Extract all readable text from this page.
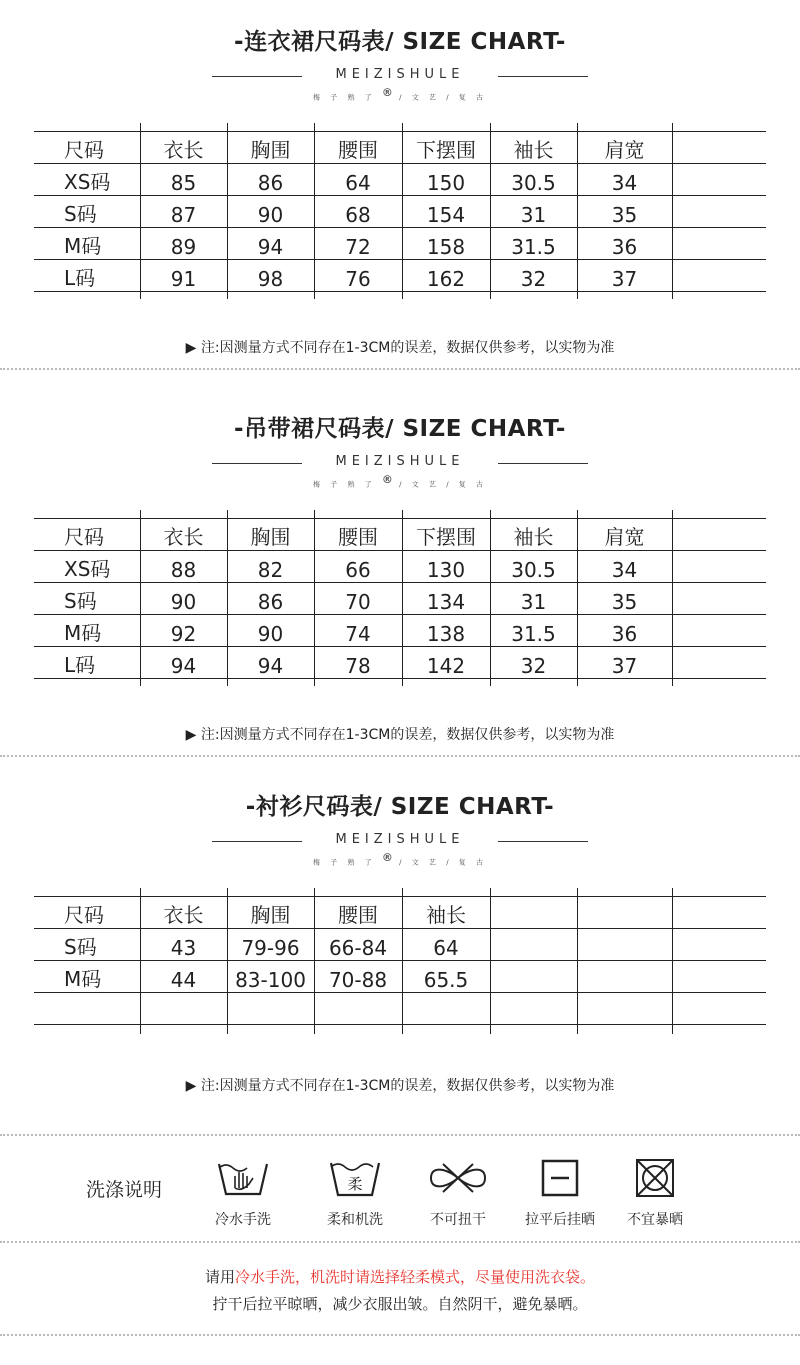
-连衣裙尺码表/ SIZE CHART-
MEIZISHULE
梅 子 熟 了 ® / 文 艺 / 复 古
尺码	衣长	胸围	腰围	下摆围	袖长	肩宽	
XS码	85	86	64	150	30.5	34	
S码	87	90	68	154	31	35	
M码	89	94	72	158	31.5	36	
L码	91	98	76	162	32	37	
▶ 注:因测量方式不同存在1-3CM的误差，数据仅供参考，以实物为准
-吊带裙尺码表/ SIZE CHART-
MEIZISHULE
梅 子 熟 了 ® / 文 艺 / 复 古
尺码	衣长	胸围	腰围	下摆围	袖长	肩宽	
XS码	88	82	66	130	30.5	34	
S码	90	86	70	134	31	35	
M码	92	90	74	138	31.5	36	
L码	94	94	78	142	32	37	
▶ 注:因测量方式不同存在1-3CM的误差，数据仅供参考，以实物为准
-衬衫尺码表/ SIZE CHART-
MEIZISHULE
梅 子 熟 了 ® / 文 艺 / 复 古
尺码	衣长	胸围	腰围	袖长			
S码	43	79-96	66-84	64			
M码	44	83-100	70-88	65.5			

▶ 注:因测量方式不同存在1-3CM的误差，数据仅供参考，以实物为准
洗涤说明
冷水手洗
柔
柔和机洗	不可扭干	拉平后挂晒	不宜暴晒
请用冷水手洗，机洗时请选择轻柔模式，尽量使用洗衣袋。
拧干后拉平晾晒，减少衣服出皱。自然阴干，避免暴晒。
